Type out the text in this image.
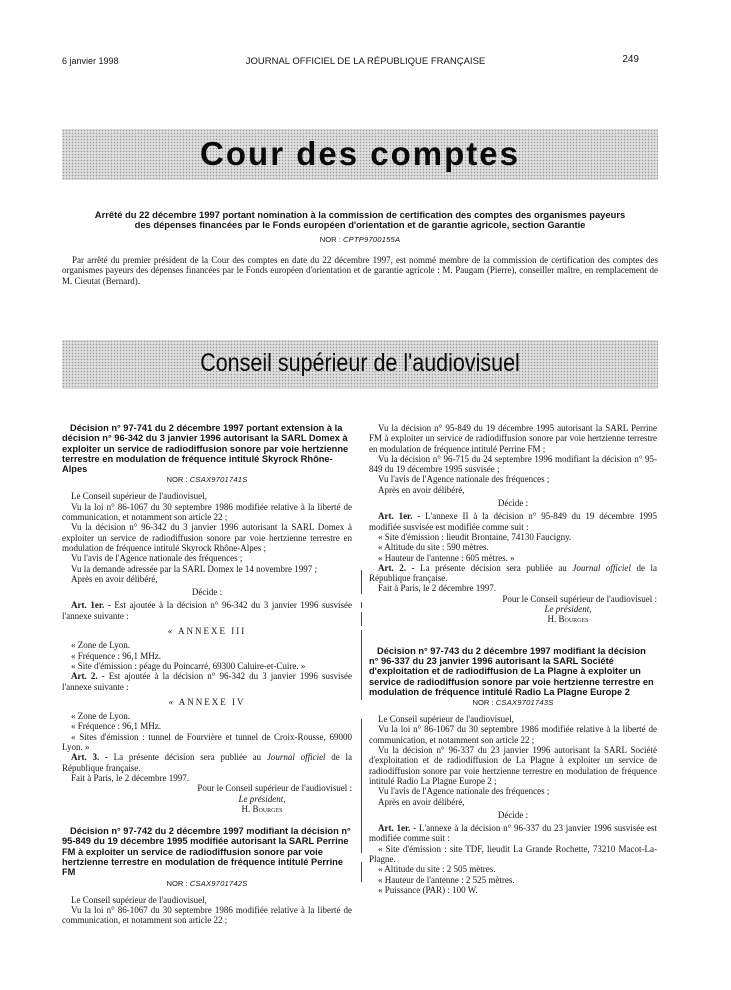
6 janvier 1998	JOURNAL OFFICIEL DE LA RÉPUBLIQUE FRANÇAISE	249
Cour des comptes
Arrêté du 22 décembre 1997 portant nomination à la commission de certification des comptes des organismes payeurs
des dépenses financées par le Fonds européen d'orientation et de garantie agricole, section Garantie
NOR : CPTP9700155A

Par arrêté du premier président de la Cour des comptes en date du 22 décembre 1997, est nommé membre de la commission de certification des comptes des organismes payeurs des dépenses financées par le Fonds européen d'orientation et de garantie agricole : M. Paugam (Pierre), conseiller maître, en remplacement de M. Cieutat (Bernard).

Conseil supérieur de l'audiovisuel
Décision n° 97-741 du 2 décembre 1997 portant extension à la décision n° 96-342 du 3 janvier 1996 autorisant la SARL Domex à exploiter un service de radiodiffusion sonore par voie hertzienne terrestre en modulation de fréquence intitulé Skyrock Rhône-Alpes
NOR : CSAX9701741S

Le Conseil supérieur de l'audiovisuel,

Vu la loi n° 86-1067 du 30 septembre 1986 modifiée relative à la liberté de communication, et notamment son article 22 ;

Vu la décision n° 96-342 du 3 janvier 1996 autorisant la SARL Domex à exploiter un service de radiodiffusion sonore par voie hertzienne terrestre en modulation de fréquence intitulé Skyrock Rhône-Alpes ;

Vu l'avis de l'Agence nationale des fréquences ;

Vu la demande adressée par la SARL Domex le 14 novembre 1997 ;

Après en avoir délibéré,

Décide :

Art. 1er. - Est ajoutée à la décision n° 96-342 du 3 janvier 1996 susvisée l'annexe suivante :

« ANNEXE III

« Zone de Lyon.

« Fréquence : 96,1 MHz.

« Site d'émission : péage du Poincarré, 69300 Caluire-et-Cuire. »

Art. 2. - Est ajoutée à la décision n° 96-342 du 3 janvier 1996 susvisée l'annexe suivante :

« ANNEXE IV

« Zone de Lyon.

« Fréquence : 96,1 MHz.

« Sites d'émission : tunnel de Fourvière et tunnel de Croix-Rousse, 69000 Lyon. »

Art. 3. - La présente décision sera publiée au Journal officiel de la République française.

Fait à Paris, le 2 décembre 1997.

Pour le Conseil supérieur de l'audiovisuel :

Le président,
H. Bourges
Décision n° 97-742 du 2 décembre 1997 modifiant la décision n° 95-849 du 19 décembre 1995 modifiée autorisant la SARL Perrine FM à exploiter un service de radiodiffusion sonore par voie hertzienne terrestre en modulation de fréquence intitulé Perrine FM
NOR : CSAX9701742S

Le Conseil supérieur de l'audiovisuel,

Vu la loi n° 86-1067 du 30 septembre 1986 modifiée relative à la liberté de communication, et notamment son article 22 ;

Vu la décision n° 95-849 du 19 décembre 1995 autorisant la SARL Perrine FM à exploiter un service de radiodiffusion sonore par voie hertzienne terrestre en modulation de fréquence intitulé Perrine FM ;

Vu la décision n° 96-715 du 24 septembre 1996 modifiant la décision n° 95-849 du 19 décembre 1995 susvisée ;

Vu l'avis de l'Agence nationale des fréquences ;

Après en avoir délibéré,

Décide :

Art. 1er. - L'annexe II à la décision n° 95-849 du 19 décembre 1995 modifiée susvisée est modifiée comme suit :

« Site d'émission : lieudit Brontaine, 74130 Faucigny.

« Altitude du site : 590 mètres.

« Hauteur de l'antenne : 605 mètres. »

Art. 2. - La présente décision sera publiée au Journal officiel de la République française.

Fait à Paris, le 2 décembre 1997.

Pour le Conseil supérieur de l'audiovisuel :

Le président,
H. Bourges
Décision n° 97-743 du 2 décembre 1997 modifiant la décision n° 96-337 du 23 janvier 1996 autorisant la SARL Société d'exploitation et de radiodiffusion de La Plagne à exploiter un service de radiodiffusion sonore par voie hertzienne terrestre en modulation de fréquence intitulé Radio La Plagne Europe 2
NOR : CSAX9701743S

Le Conseil supérieur de l'audiovisuel,

Vu la loi n° 86-1067 du 30 septembre 1986 modifiée relative à la liberté de communication, et notamment son article 22 ;

Vu la décision n° 96-337 du 23 janvier 1996 autorisant la SARL Société d'exploitation et de radiodiffusion de La Plagne à exploiter un service de radiodiffusion sonore par voie hertzienne terrestre en modulation de fréquence intitulé Radio La Plagne Europe 2 ;

Vu l'avis de l'Agence nationale des fréquences ;

Après en avoir délibéré,

Décide :

Art. 1er. - L'annexe à la décision n° 96-337 du 23 janvier 1996 susvisée est modifiée comme suit :

« Site d'émission : site TDF, lieudit La Grande Rochette, 73210 Macot-La-Plagne.

« Altitude du site : 2 505 mètres.

« Hauteur de l'antenne : 2 525 mètres.

« Puissance (PAR) : 100 W.
